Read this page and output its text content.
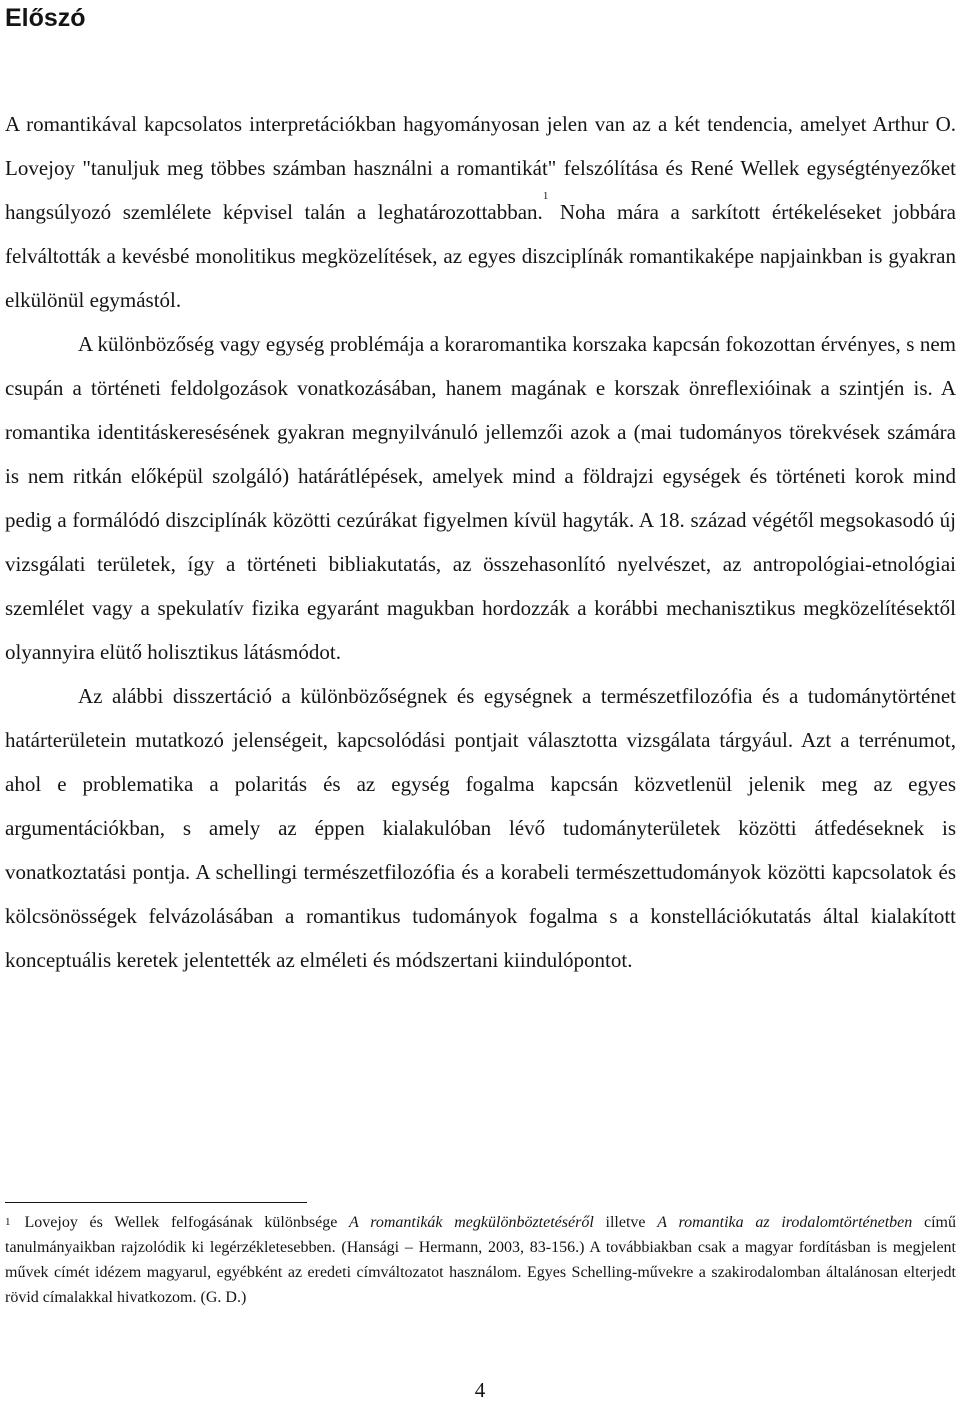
Előszó

A romantikával kapcsolatos interpretációkban hagyományosan jelen van az a két tendencia, amelyet Arthur O. Lovejoy "tanuljuk meg többes számban használni a romantikát" felszólítása és René Wellek egységtényezőket hangsúlyozó szemlélete képvisel talán a leghatározottabban.$^1$ Noha mára a sarkított értékeléseket jobbára felváltották a kevésbé monolitikus megközelítések, az egyes diszciplínák romantikaképe napjainkban is gyakran elkülönül egymástól.

A különbözőség vagy egység problémája a koraromantika korszaka kapcsán fokozottan érvényes, s nem csupán a történeti feldolgozások vonatkozásában, hanem magának e korszak önreflexióinak a szintjén is. A romantika identitáskeresésének gyakran megnyilvánuló jellemzői azok a (mai tudományos törekvések számára is nem ritkán előképül szolgáló) határátlépések, amelyek mind a földrajzi egységek és történeti korok mind pedig a formálódó diszciplínák közötti cezúrákat figyelmen kívül hagyták. A 18. század végétől megsokasodó új vizsgálati területek, így a történeti bibliakutatás, az összehasonlító nyelvészet, az antropológiai-etnológiai szemlélet vagy a spekulatív fizika egyaránt magukban hordozzák a korábbi mechanisztikus megközelítésektől olyannyira elütő holisztikus látásmódot.

Az alábbi disszertáció a különbözőségnek és egységnek a természetfilozófia és a tudománytörténet határterületein mutatkozó jelenségeit, kapcsolódási pontjait választotta vizsgálata tárgyául. Azt a terrénumot, ahol e problematika a polaritás és az egység fogalma kapcsán közvetlenül jelenik meg az egyes argumentációkban, s amely az éppen kialakulóban lévő tudományterületek közötti átfedéseknek is vonatkoztatási pontja. A schellingi természetfilozófia és a korabeli természettudományok közötti kapcsolatok és kölcsönösségek felvázolásában a romantikus tudományok fogalma s a konstellációkutatás által kialakított konceptuális keretek jelentették az elméleti és módszertani kiindulópontot.

$^1$ Lovejoy és Wellek felfogásának különbsége A romantikák megkülönböztetéséről illetve A romantika az irodalomtörténetben című tanulmányaikban rajzolódik ki legérzékletesebben. (Hansági – Hermann, 2003, 83-156.) A továbbiakban csak a magyar fordításban is megjelent művek címét idézem magyarul, egyébként az eredeti címváltozatot használom. Egyes Schelling-művekre a szakirodalomban általánosan elterjedt rövid címalakkal hivatkozom. (G. D.)

4
